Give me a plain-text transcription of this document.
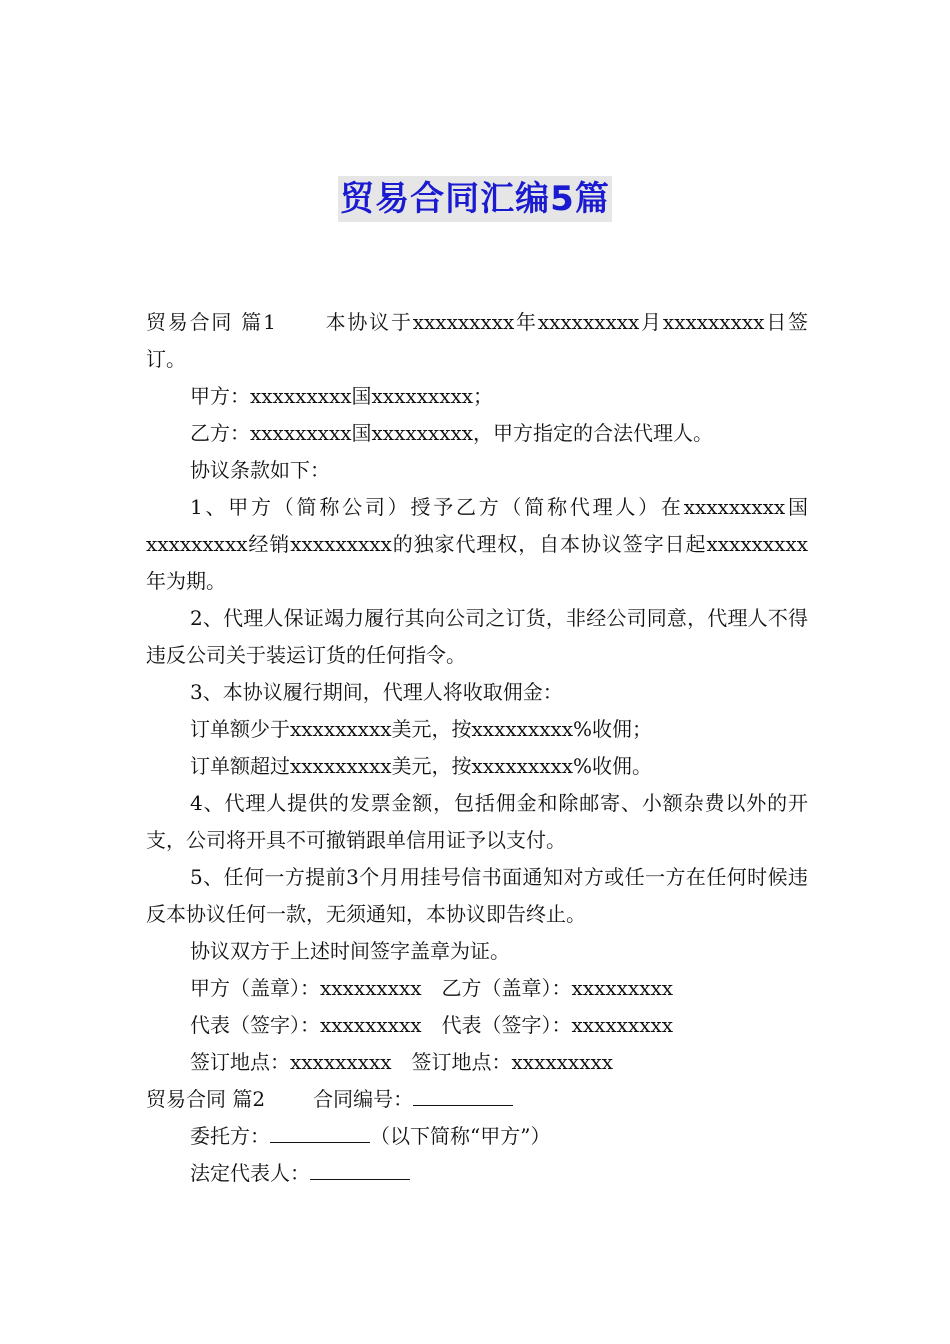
贸易合同汇编5篇

贸易合同 篇1 本协议于xxxxxxxxx年xxxxxxxxx月xxxxxxxxx日签订。

甲方：xxxxxxxxx国xxxxxxxxx；

乙方：xxxxxxxxx国xxxxxxxxx，甲方指定的合法代理人。

协议条款如下：

1、甲方（简称公司）授予乙方（简称代理人）在xxxxxxxxx国xxxxxxxxx经销xxxxxxxxx的独家代理权，自本协议签字日起xxxxxxxxx年为期。

2、代理人保证竭力履行其向公司之订货，非经公司同意，代理人不得违反公司关于装运订货的任何指令。

3、本协议履行期间，代理人将收取佣金：

订单额少于xxxxxxxxx美元，按xxxxxxxxx%收佣；

订单额超过xxxxxxxxx美元，按xxxxxxxxx%收佣。

4、代理人提供的发票金额，包括佣金和除邮寄、小额杂费以外的开支，公司将开具不可撤销跟单信用证予以支付。

5、任何一方提前3个月用挂号信书面通知对方或任一方在任何时候违反本协议任何一款，无须通知，本协议即告终止。

协议双方于上述时间签字盖章为证。

甲方（盖章）：xxxxxxxxx 乙方（盖章）：xxxxxxxxx

代表（签字）：xxxxxxxxx 代表（签字）：xxxxxxxxx

签订地点：xxxxxxxxx 签订地点：xxxxxxxxx

贸易合同 篇2 合同编号：

委托方：	（以下简称“甲方”）

法定代表人：
